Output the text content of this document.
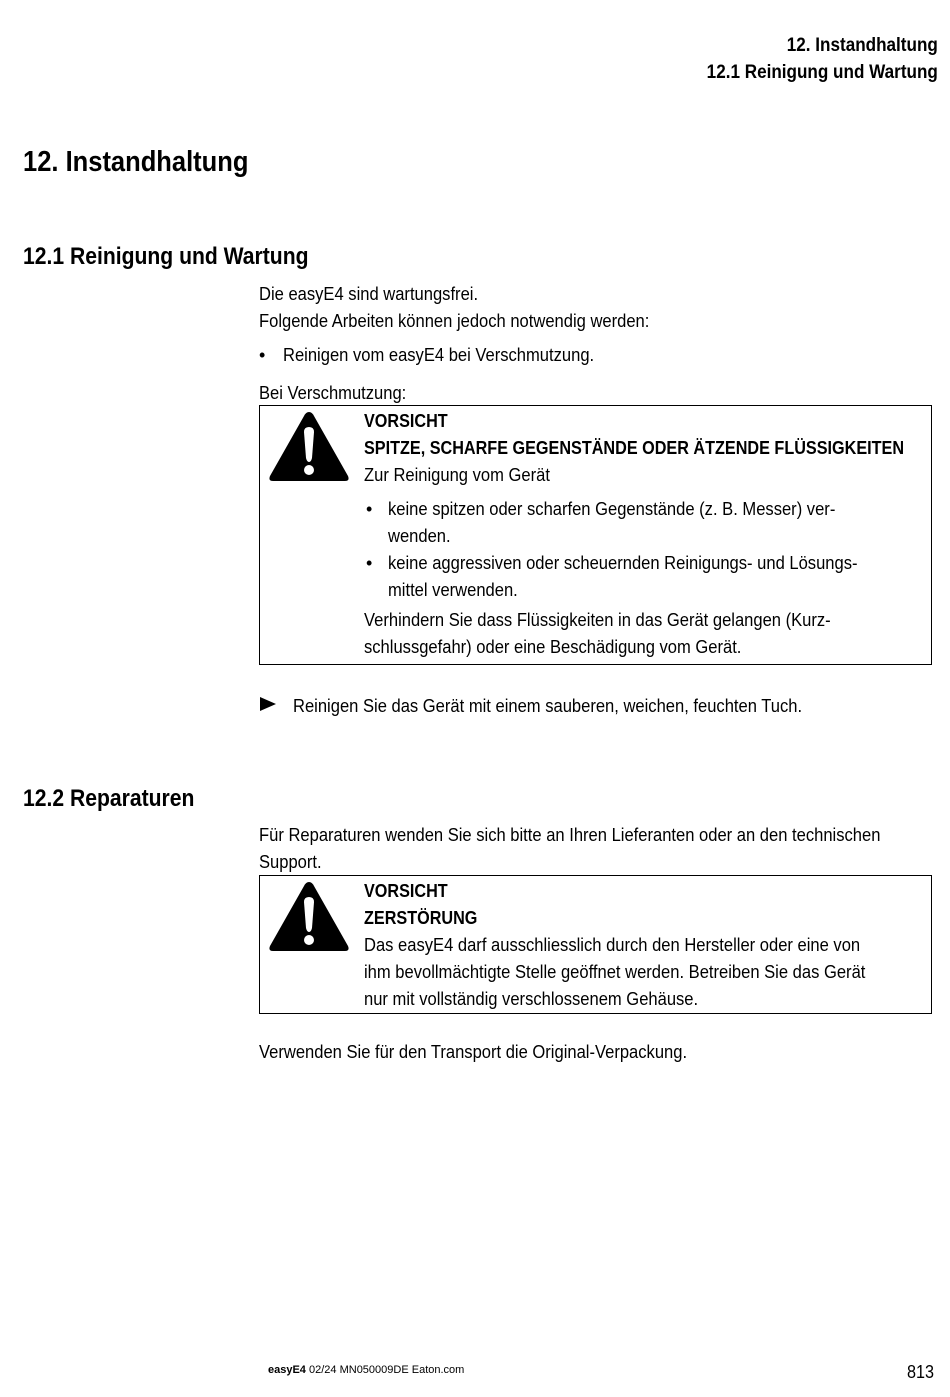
12. Instandhaltung
12.1 Reinigung und Wartung
12. Instandhaltung
12.1 Reinigung und Wartung
Die easyE4 sind wartungsfrei.
Folgende Arbeiten können jedoch notwendig werden:
• Reinigen vom easyE4 bei Verschmutzung.
Bei Verschmutzung:
VORSICHT
SPITZE, SCHARFE GEGENSTÄNDE ODER ÄTZENDE FLÜSSIGKEITEN
Zur Reinigung vom Gerät
• keine spitzen oder scharfen Gegenstände (z. B. Messer) ver-
wenden.
• keine aggressiven oder scheuernden Reinigungs- und Lösungs-
mittel verwenden.
Verhindern Sie dass Flüssigkeiten in das Gerät gelangen (Kurz-
schlussgefahr) oder eine Beschädigung vom Gerät.
Reinigen Sie das Gerät mit einem sauberen, weichen, feuchten Tuch.
12.2 Reparaturen
Für Reparaturen wenden Sie sich bitte an Ihren Lieferanten oder an den technischen
Support.
VORSICHT
ZERSTÖRUNG
Das easyE4 darf ausschliesslich durch den Hersteller oder eine von
ihm bevollmächtigte Stelle geöffnet werden. Betreiben Sie das Gerät
nur mit vollständig verschlossenem Gehäuse.
Verwenden Sie für den Transport die Original-Verpackung.
easyE4 02/24 MN050009DE Eaton.com	813
